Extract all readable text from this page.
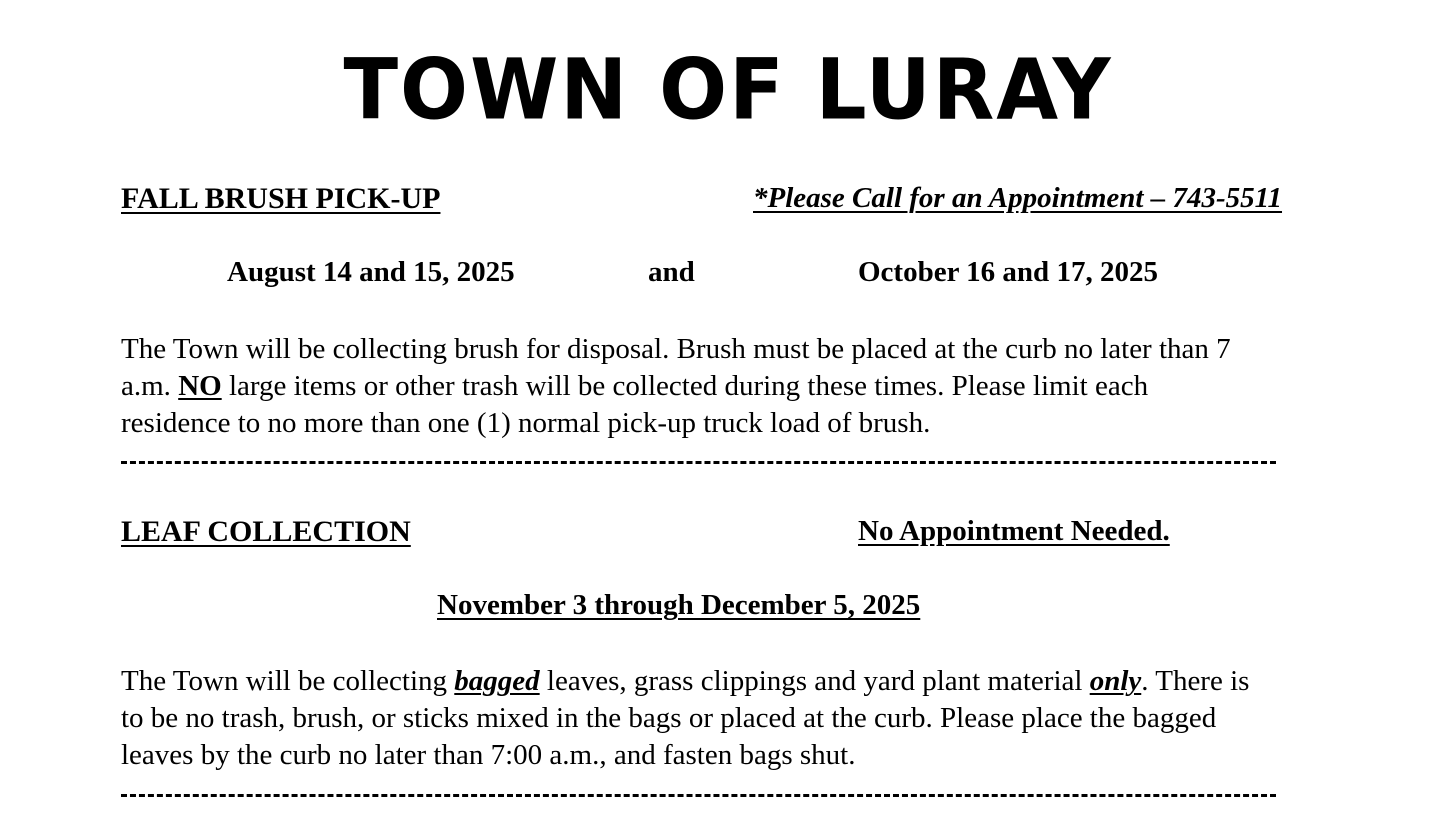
TOWN OF LURAY
FALL BRUSH PICK-UP	*Please Call for an Appointment – 743-5511
August 14 and 15, 2025	and	October 16 and 17, 2025
The Town will be collecting brush for disposal. Brush must be placed at the curb no later than 7
a.m. NO large items or other trash will be collected during these times. Please limit each
residence to no more than one (1) normal pick-up truck load of brush.
LEAF COLLECTION	No Appointment Needed.
November 3 through December 5, 2025
The Town will be collecting bagged leaves, grass clippings and yard plant material only. There is
to be no trash, brush, or sticks mixed in the bags or placed at the curb. Please place the bagged
leaves by the curb no later than 7:00 a.m., and fasten bags shut.
